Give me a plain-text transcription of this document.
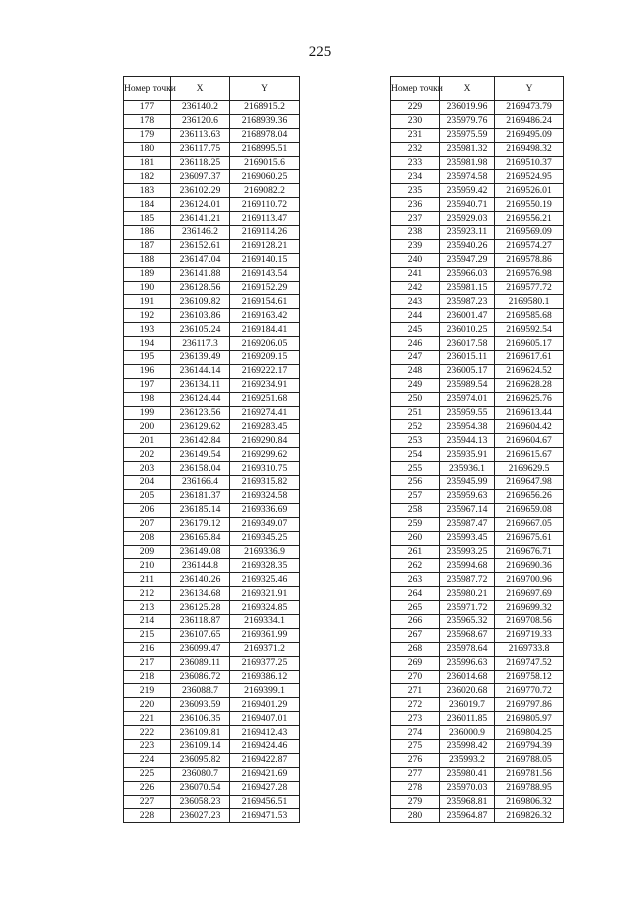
225
Номер точки	X	Y
177	236140.2	2168915.2
178	236120.6	2168939.36
179	236113.63	2168978.04
180	236117.75	2168995.51
181	236118.25	2169015.6
182	236097.37	2169060.25
183	236102.29	2169082.2
184	236124.01	2169110.72
185	236141.21	2169113.47
186	236146.2	2169114.26
187	236152.61	2169128.21
188	236147.04	2169140.15
189	236141.88	2169143.54
190	236128.56	2169152.29
191	236109.82	2169154.61
192	236103.86	2169163.42
193	236105.24	2169184.41
194	236117.3	2169206.05
195	236139.49	2169209.15
196	236144.14	2169222.17
197	236134.11	2169234.91
198	236124.44	2169251.68
199	236123.56	2169274.41
200	236129.62	2169283.45
201	236142.84	2169290.84
202	236149.54	2169299.62
203	236158.04	2169310.75
204	236166.4	2169315.82
205	236181.37	2169324.58
206	236185.14	2169336.69
207	236179.12	2169349.07
208	236165.84	2169345.25
209	236149.08	2169336.9
210	236144.8	2169328.35
211	236140.26	2169325.46
212	236134.68	2169321.91
213	236125.28	2169324.85
214	236118.87	2169334.1
215	236107.65	2169361.99
216	236099.47	2169371.2
217	236089.11	2169377.25
218	236086.72	2169386.12
219	236088.7	2169399.1
220	236093.59	2169401.29
221	236106.35	2169407.01
222	236109.81	2169412.43
223	236109.14	2169424.46
224	236095.82	2169422.87
225	236080.7	2169421.69
226	236070.54	2169427.28
227	236058.23	2169456.51
228	236027.23	2169471.53
Номер точки	X	Y
229	236019.96	2169473.79
230	235979.76	2169486.24
231	235975.59	2169495.09
232	235981.32	2169498.32
233	235981.98	2169510.37
234	235974.58	2169524.95
235	235959.42	2169526.01
236	235940.71	2169550.19
237	235929.03	2169556.21
238	235923.11	2169569.09
239	235940.26	2169574.27
240	235947.29	2169578.86
241	235966.03	2169576.98
242	235981.15	2169577.72
243	235987.23	2169580.1
244	236001.47	2169585.68
245	236010.25	2169592.54
246	236017.58	2169605.17
247	236015.11	2169617.61
248	236005.17	2169624.52
249	235989.54	2169628.28
250	235974.01	2169625.76
251	235959.55	2169613.44
252	235954.38	2169604.42
253	235944.13	2169604.67
254	235935.91	2169615.67
255	235936.1	2169629.5
256	235945.99	2169647.98
257	235959.63	2169656.26
258	235967.14	2169659.08
259	235987.47	2169667.05
260	235993.45	2169675.61
261	235993.25	2169676.71
262	235994.68	2169690.36
263	235987.72	2169700.96
264	235980.21	2169697.69
265	235971.72	2169699.32
266	235965.32	2169708.56
267	235968.67	2169719.33
268	235978.64	2169733.8
269	235996.63	2169747.52
270	236014.68	2169758.12
271	236020.68	2169770.72
272	236019.7	2169797.86
273	236011.85	2169805.97
274	236000.9	2169804.25
275	235998.42	2169794.39
276	235993.2	2169788.05
277	235980.41	2169781.56
278	235970.03	2169788.95
279	235968.81	2169806.32
280	235964.87	2169826.32
